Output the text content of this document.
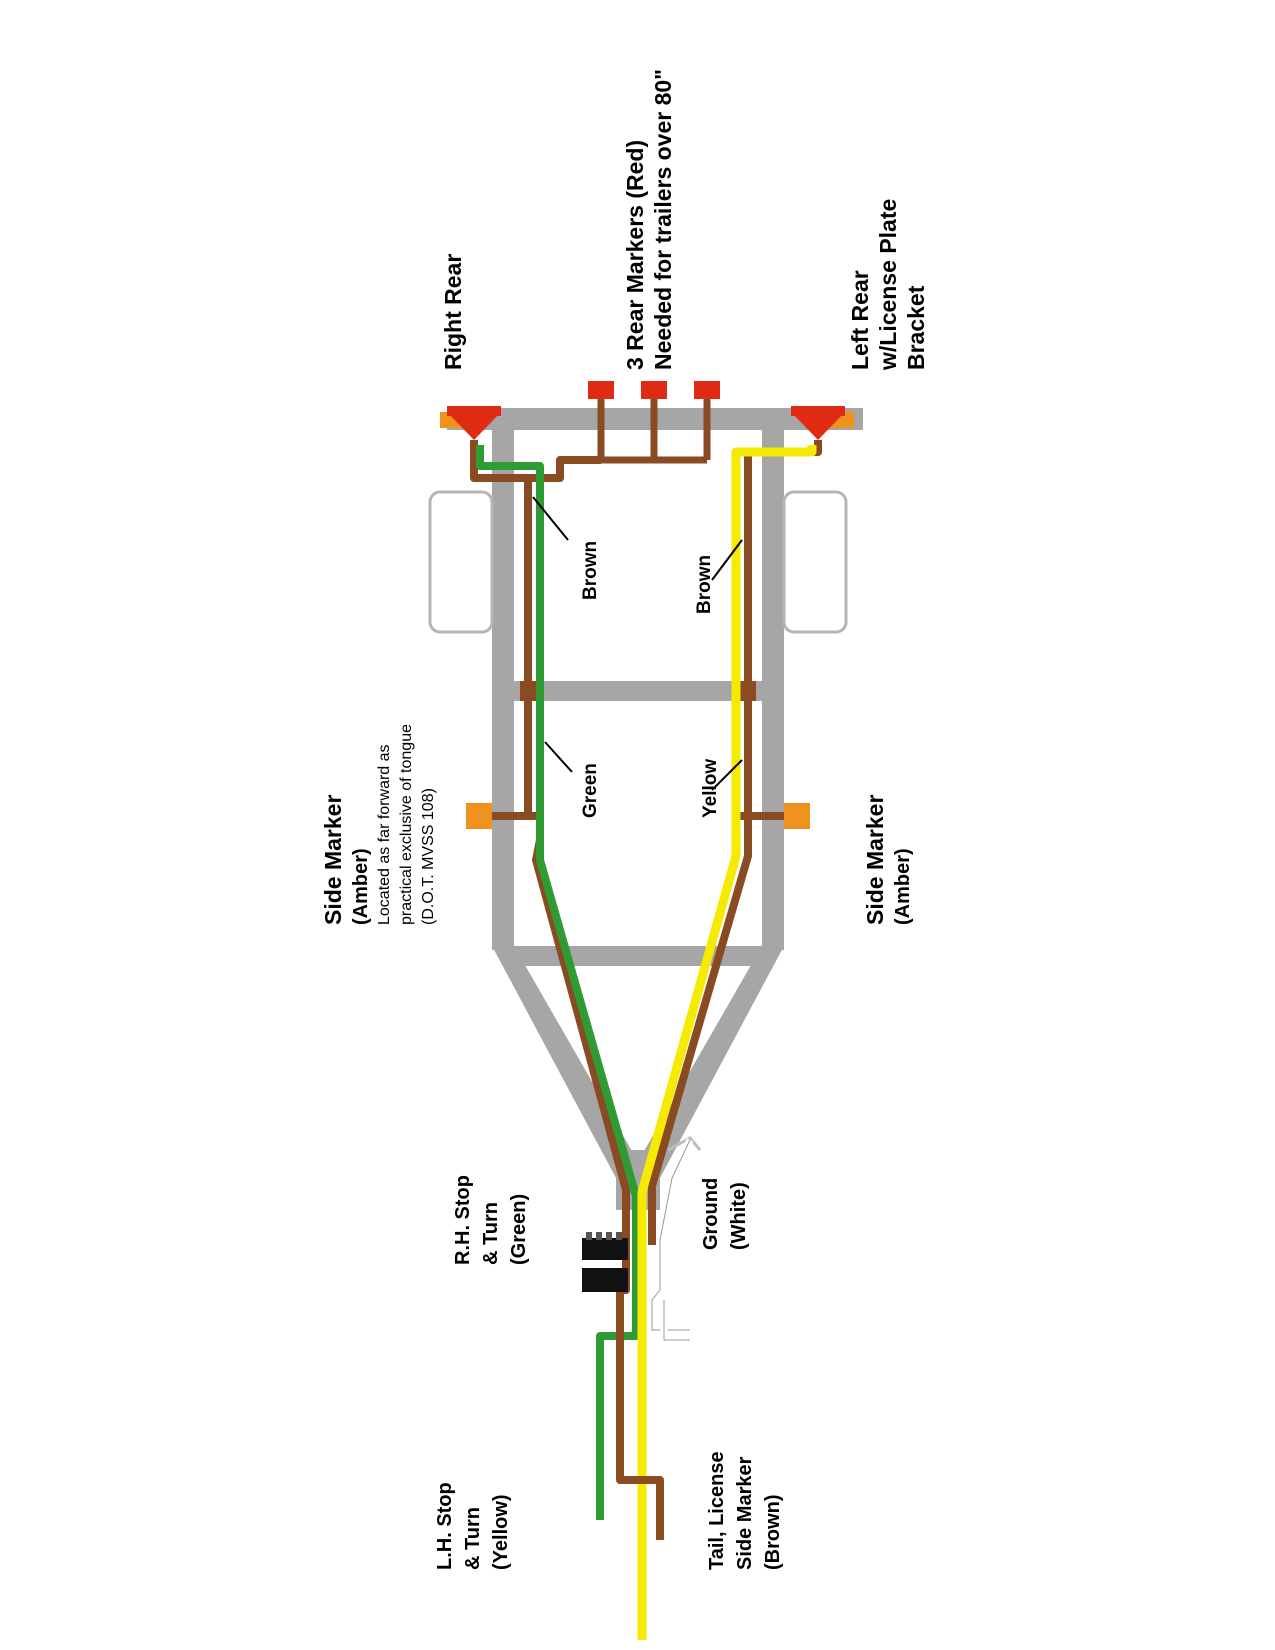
Right Rear	3 Rear Markers (Red) Needed for trailers over 80"	Left Rear w/License Plate Bracket
Brown	Brown
Green	Yellow
Side Marker (Amber) Located as far forward as practical exclusive of tongue (D.O.T. MVSS 108)	Side Marker (Amber)
Ground (White)
R.H. Stop & Turn (Green)
L.H. Stop & Turn (Yellow)	Tail, License Side Marker (Brown)
